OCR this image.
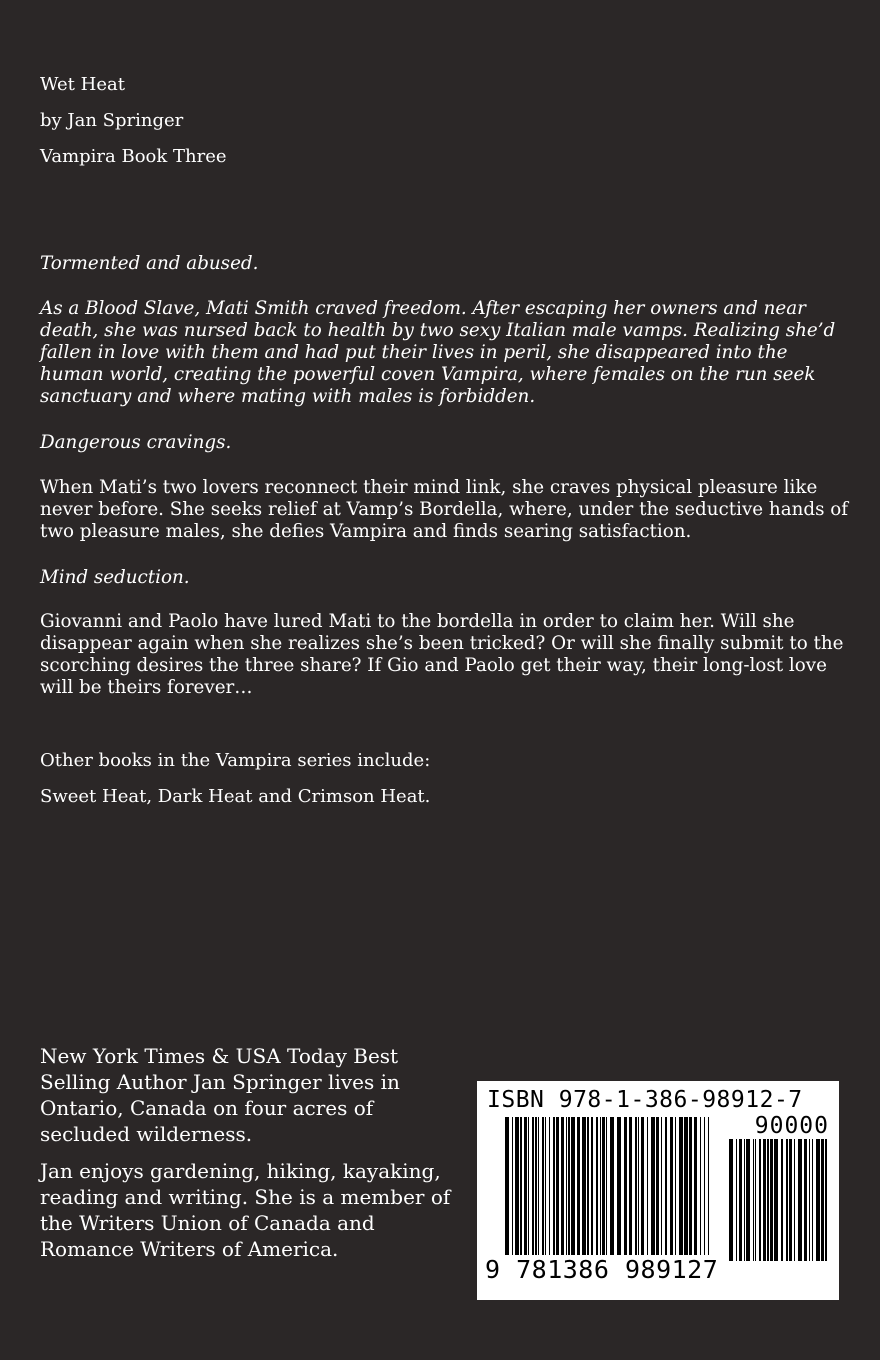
Wet Heat
by Jan Springer
Vampira Book Three
Tormented and abused.
As a Blood Slave, Mati Smith craved freedom. After escaping her owners and near death, she was nursed back to health by two sexy Italian male vamps. Realizing she’d fallen in love with them and had put their lives in peril, she disappeared into the human world, creating the powerful coven Vampira, where females on the run seek sanctuary and where mating with males is forbidden.
Dangerous cravings.
When Mati’s two lovers reconnect their mind link, she craves physical pleasure like never before. She seeks relief at Vamp’s Bordella, where, under the seductive hands of two pleasure males, she defies Vampira and finds searing satisfaction.
Mind seduction.
Giovanni and Paolo have lured Mati to the bordella in order to claim her. Will she disappear again when she realizes she’s been tricked? Or will she finally submit to the scorching desires the three share? If Gio and Paolo get their way, their long-lost love will be theirs forever…
Other books in the Vampira series include:
Sweet Heat, Dark Heat and Crimson Heat.
New York Times & USA Today Best Selling Author Jan Springer lives in Ontario, Canada on four acres of secluded wilderness.
Jan enjoys gardening, hiking, kayaking, reading and writing. She is a member of the Writers Union of Canada and Romance Writers of America.
ISBN 978-1-386-98912-7
90000
9 781386 989127
